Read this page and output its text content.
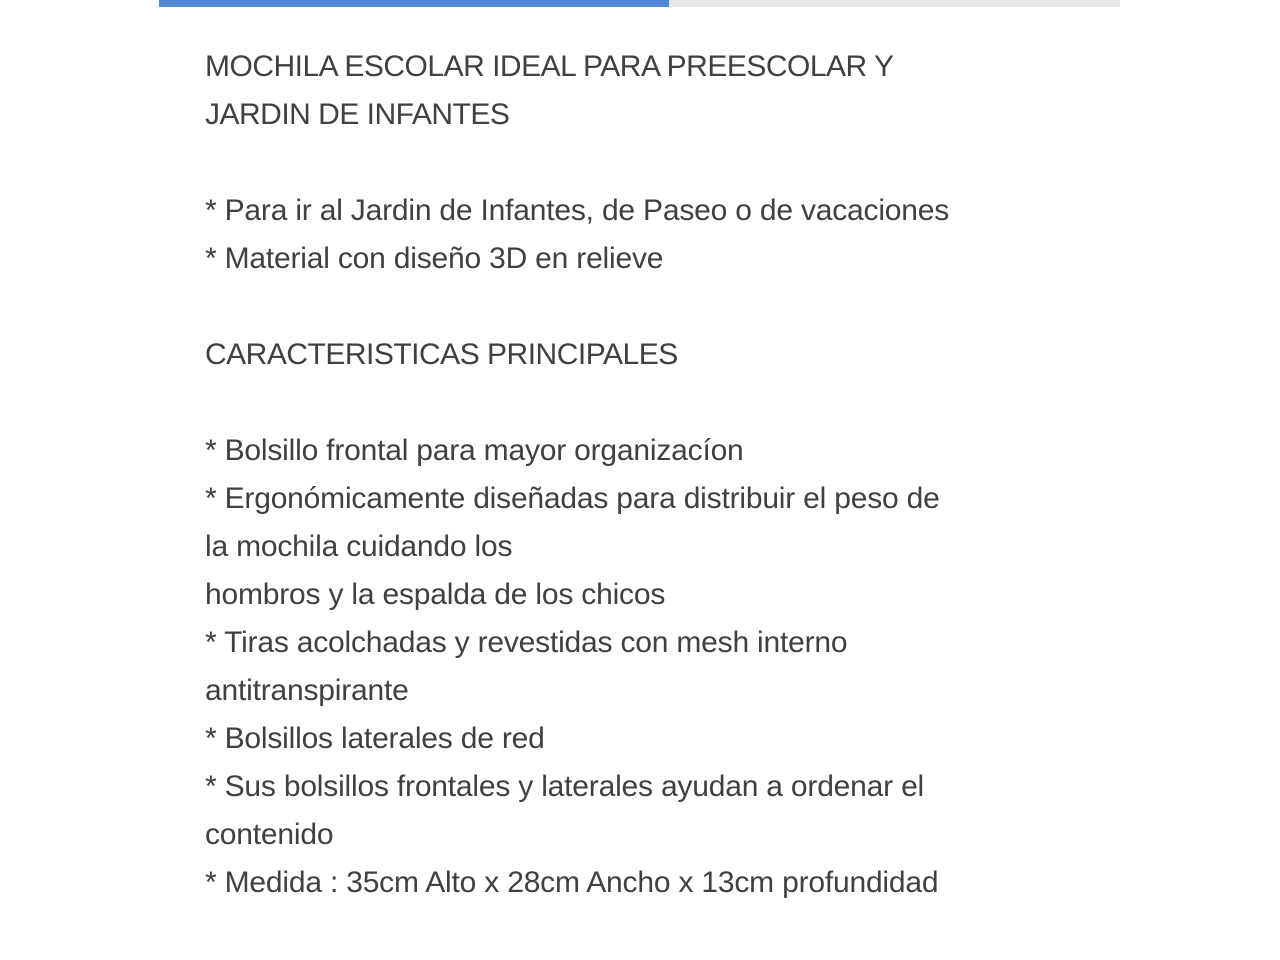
MOCHILA ESCOLAR IDEAL PARA PREESCOLAR Y
JARDIN DE INFANTES

* Para ir al Jardin de Infantes, de Paseo o de vacaciones
* Material con diseño 3D en relieve

CARACTERISTICAS PRINCIPALES

* Bolsillo frontal para mayor organizacíon
* Ergonómicamente diseñadas para distribuir el peso de
la mochila cuidando los
hombros y la espalda de los chicos
* Tiras acolchadas y revestidas con mesh interno
antitranspirante
* Bolsillos laterales de red
* Sus bolsillos frontales y laterales ayudan a ordenar el
contenido
* Medida : 35cm Alto x 28cm Ancho x 13cm profundidad
